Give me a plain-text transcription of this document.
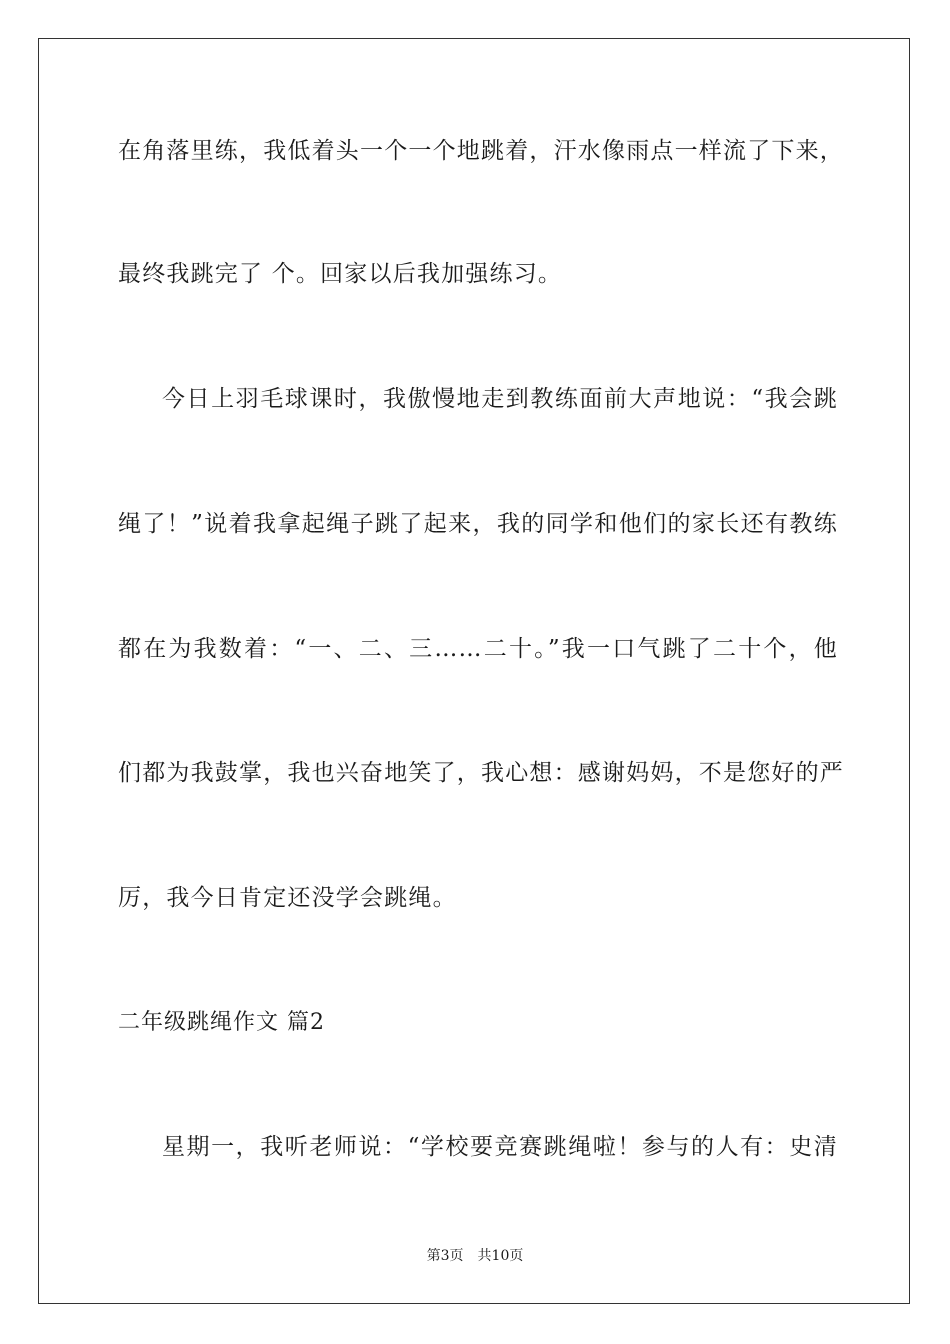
在角落里练，我低着头一个一个地跳着，汗水像雨点一样流了下来，
最终我跳完了 个。回家以后我加强练习。
今日上羽毛球课时，我傲慢地走到教练面前大声地说：“我会跳
绳了！”说着我拿起绳子跳了起来，我的同学和他们的家长还有教练
都在为我数着：“一、二、三……二十。”我一口气跳了二十个，他
们都为我鼓掌，我也兴奋地笑了，我心想：感谢妈妈，不是您好的严
厉，我今日肯定还没学会跳绳。
二年级跳绳作文 篇2
星期一，我听老师说：“学校要竞赛跳绳啦！参与的人有：史清
第3页 共10页
